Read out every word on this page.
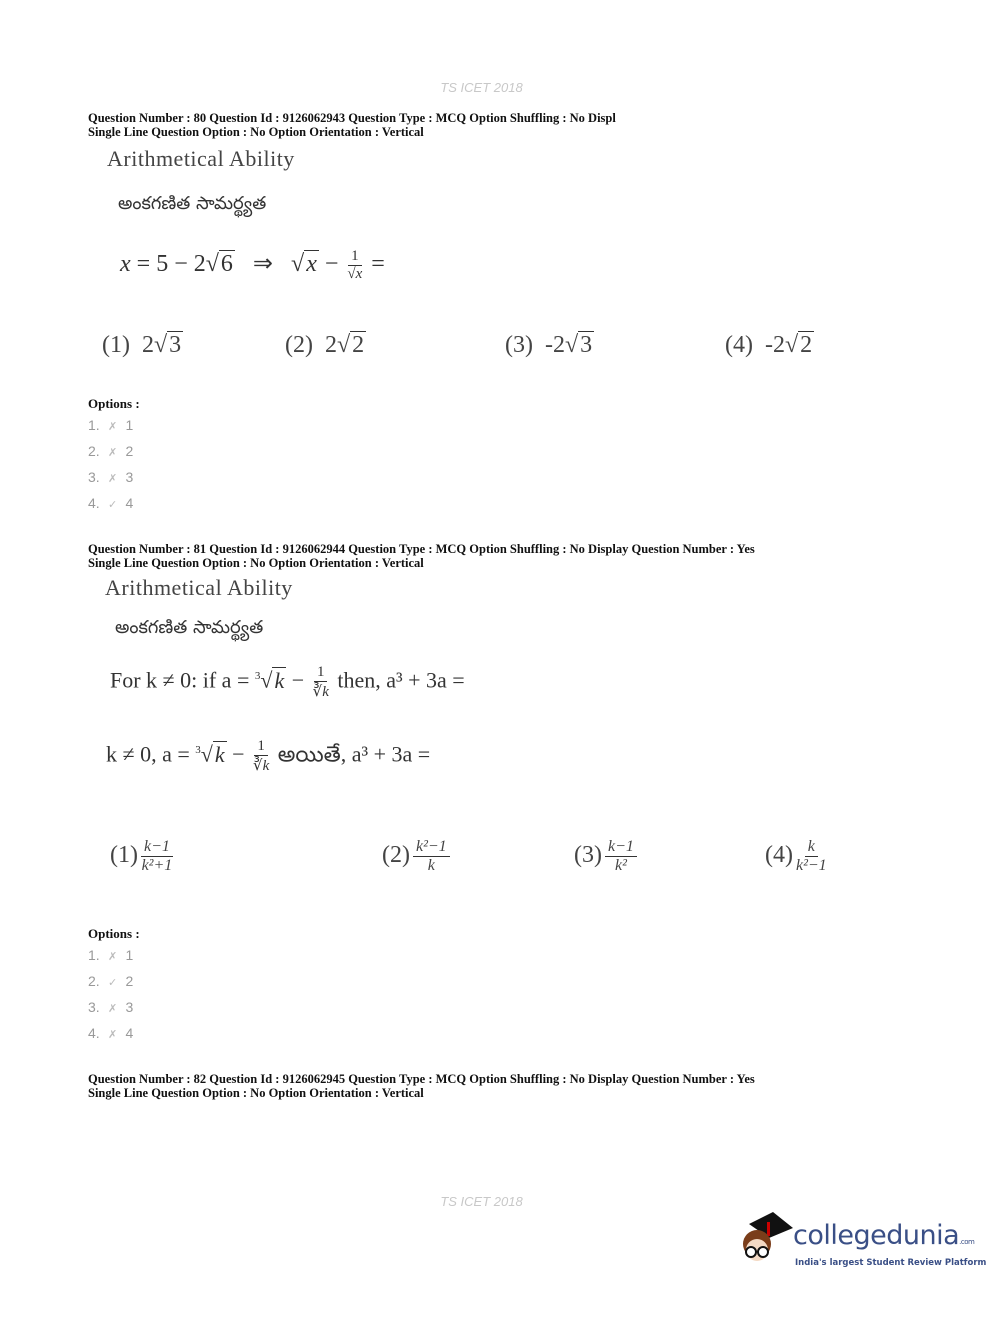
TS ICET 2018
Question Number : 80 Question Id : 9126062943 Question Type : MCQ Option Shuffling : No Displ
Single Line Question Option : No Option Orientation : Vertical
Arithmetical Ability
అంకగణిత సామర్థ్యత
x = 5 − 2√6 ⇒ $√x - \frac{1}{√x}$ =
(1) 2√3	(2) 2√2	(3) -2√3	(4) -2√2
Options :
1. ✗ 1
2. ✗ 2
3. ✗ 3
4. ✓ 4
Question Number : 81 Question Id : 9126062944 Question Type : MCQ Option Shuffling : No Display Question Number : Yes
Single Line Question Option : No Option Orientation : Vertical
Arithmetical Ability
అంకగణిత సామర్థ్యత
For k ≠ 0: if $a = ^3√k - \frac{1}{∛k}$ then, a³ + 3a =
k ≠ 0, $a = ^3√k - \frac{1}{∛k}$ అయితే, a³ + 3a =
$(1) \frac{k-1}{\text{k²+1}}$	$(2) \frac{\text{k²−1}}{k}$	$(3) \frac{k-1}{\text{k²}}$	$(4) \frac{k}{\text{k²−1}}$
Options :
1. ✗ 1
2. ✓ 2
3. ✗ 3
4. ✗ 4
Question Number : 82 Question Id : 9126062945 Question Type : MCQ Option Shuffling : No Display Question Number : Yes
Single Line Question Option : No Option Orientation : Vertical
TS ICET 2018
collegedunia.com
India's largest Student Review Platform
